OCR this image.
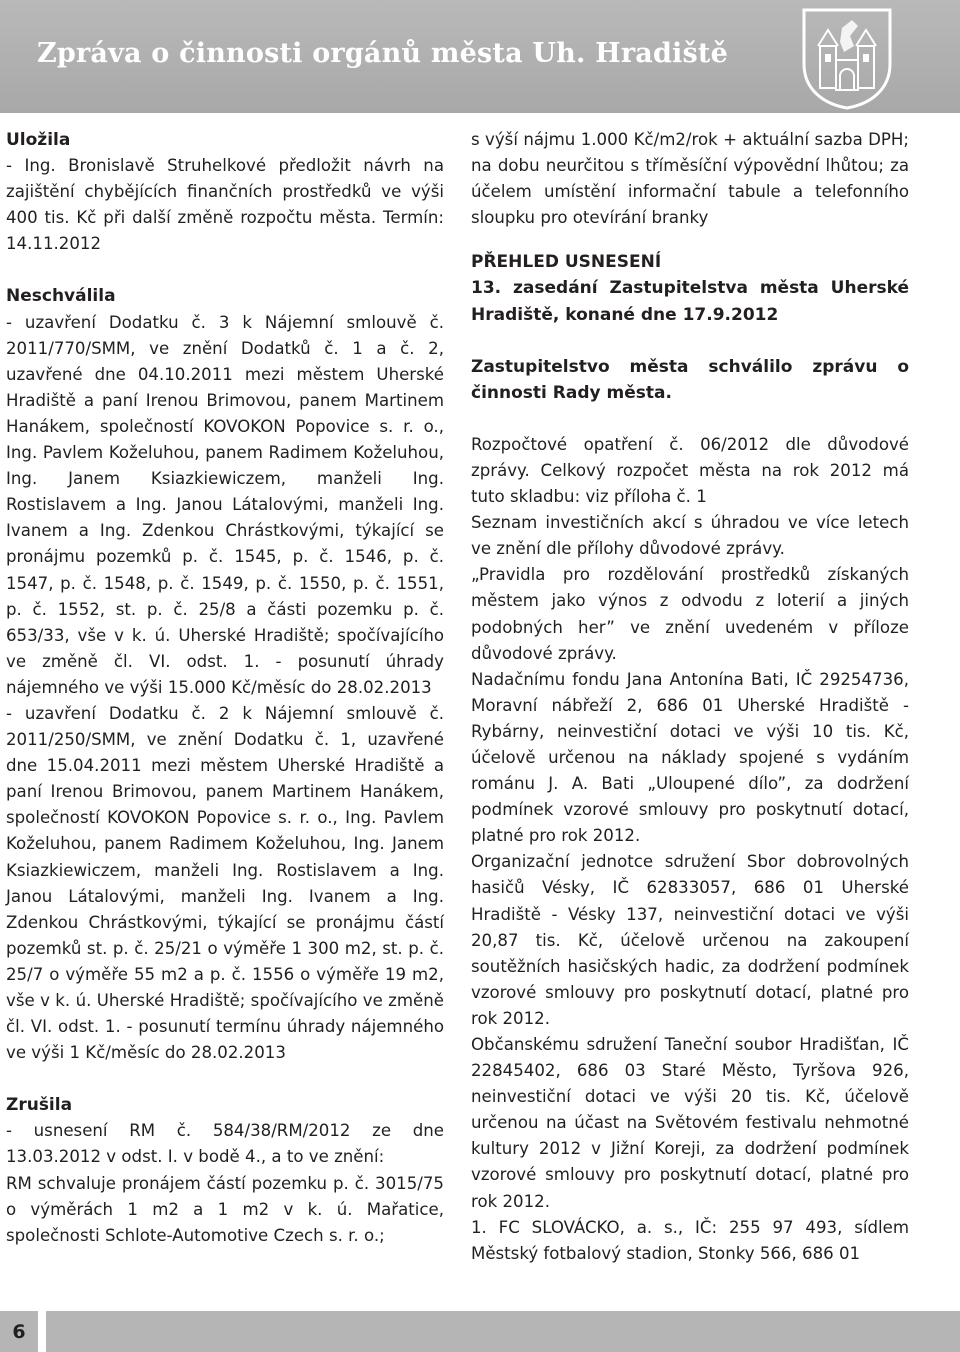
Zpráva o činnosti orgánů města Uh. Hradiště

Uložila

- Ing. Bronislavě Struhelkové předložit návrh na zajištění chybějících finančních prostředků ve výši 400 tis. Kč při další změně rozpočtu města. Termín: 14.11.2012

Neschválila

- uzavření Dodatku č. 3 k Nájemní smlouvě č. 2011/770/SMM, ve znění Dodatků č. 1 a č. 2, uzavřené dne 04.10.2011 mezi městem Uherské Hradiště a paní Irenou Brimovou, panem Martinem Hanákem, společností KOVOKON Popovice s. r. o., Ing. Pavlem Koželuhou, panem Radimem Koželuhou, Ing. Janem Ksiazkiewiczem, manželi Ing. Rostislavem a Ing. Janou Látalovými, manželi Ing. Ivanem a Ing. Zdenkou Chrástkovými, týkající se pronájmu pozemků p. č. 1545, p. č. 1546, p. č. 1547, p. č. 1548, p. č. 1549, p. č. 1550, p. č. 1551, p. č. 1552, st. p. č. 25/8 a části pozemku p. č. 653/33, vše v k. ú. Uherské Hradiště; spočívajícího ve změně čl. VI. odst. 1. - posunutí úhrady nájemného ve výši 15.000 Kč/měsíc do 28.02.2013

- uzavření Dodatku č. 2 k Nájemní smlouvě č. 2011/250/SMM, ve znění Dodatku č. 1, uzavřené dne 15.04.2011 mezi městem Uherské Hradiště a paní Irenou Brimovou, panem Martinem Hanákem, společností KOVOKON Popovice s. r. o., Ing. Pavlem Koželuhou, panem Radimem Koželuhou, Ing. Janem Ksiazkiewiczem, manželi Ing. Rostislavem a Ing. Janou Látalovými, manželi Ing. Ivanem a Ing. Zdenkou Chrástkovými, týkající se pronájmu částí pozemků st. p. č. 25/21 o výměře 1 300 m2, st. p. č. 25/7 o výměře 55 m2 a p. č. 1556 o výměře 19 m2, vše v k. ú. Uherské Hradiště; spočívajícího ve změně čl. VI. odst. 1. - posunutí termínu úhrady nájemného ve výši 1 Kč/měsíc do 28.02.2013

Zrušila

- usnesení RM č. 584/38/RM/2012 ze dne 13.03.2012 v odst. I. v bodě 4., a to ve znění:

RM schvaluje pronájem částí pozemku p. č. 3015/75 o výměrách 1 m2 a 1 m2 v k. ú. Mařatice, společnosti Schlote-Automotive Czech s. r. o.;

s výší nájmu 1.000 Kč/m2/rok + aktuální sazba DPH; na dobu neurčitou s tříměsíční výpovědní lhůtou; za účelem umístění informační tabule a telefonního sloupku pro otevírání branky

PŘEHLED USNESENÍ

13. zasedání Zastupitelstva města Uherské Hradiště, konané dne 17.9.2012

Zastupitelstvo města schválilo zprávu o činnosti Rady města.

Rozpočtové opatření č. 06/2012 dle důvodové zprávy. Celkový rozpočet města na rok 2012 má tuto skladbu: viz příloha č. 1

Seznam investičních akcí s úhradou ve více letech ve znění dle přílohy důvodové zprávy.

„Pravidla pro rozdělování prostředků získaných městem jako výnos z odvodu z loterií a jiných podobných her” ve znění uvedeném v příloze důvodové zprávy.

Nadačnímu fondu Jana Antonína Bati, IČ 29254736, Moravní nábřeží 2, 686 01 Uherské Hradiště - Rybárny, neinvestiční dotaci ve výši 10 tis. Kč, účelově určenou na náklady spojené s vydáním románu J. A. Bati „Uloupené dílo”, za dodržení podmínek vzorové smlouvy pro poskytnutí dotací, platné pro rok 2012.

Organizační jednotce sdružení Sbor dobrovolných hasičů Vésky, IČ 62833057, 686 01 Uherské Hradiště - Vésky 137, neinvestiční dotaci ve výši 20,87 tis. Kč, účelově určenou na zakoupení soutěžních hasičských hadic, za dodržení podmínek vzorové smlouvy pro poskytnutí dotací, platné pro rok 2012.

Občanskému sdružení Taneční soubor Hradišťan, IČ 22845402, 686 03 Staré Město, Tyršova 926, neinvestiční dotaci ve výši 20 tis. Kč, účelově určenou na účast na Světovém festivalu nehmotné kultury 2012 v Jižní Koreji, za dodržení podmínek vzorové smlouvy pro poskytnutí dotací, platné pro rok 2012.

1. FC SLOVÁCKO, a. s., IČ: 255 97 493, sídlem Městský fotbalový stadion, Stonky 566, 686 01

6
